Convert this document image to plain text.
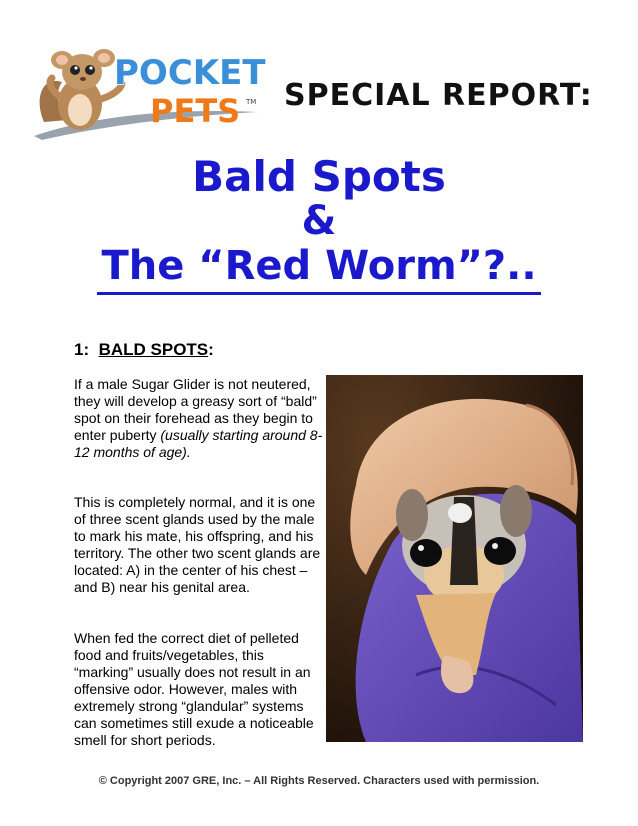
POCKET
PETS TM SPECIAL REPORT:
Bald Spots
&
The “Red Worm”?..
1: BALD SPOTS:

If a male Sugar Glider is not neutered, they will develop a greasy sort of “bald” spot on their forehead as they begin to enter puberty (usually starting around 8-12 months of age).

This is completely normal, and it is one of three scent glands used by the male to mark his mate, his offspring, and his territory. The other two scent glands are located: A) in the center of his chest – and B) near his genital area.

When fed the correct diet of pelleted food and fruits/vegetables, this “marking” usually does not result in an offensive odor. However, males with extremely strong “glandular” systems can sometimes still exude a noticeable smell for short periods.

© Copyright 2007 GRE, Inc. – All Rights Reserved. Characters used with permission.
